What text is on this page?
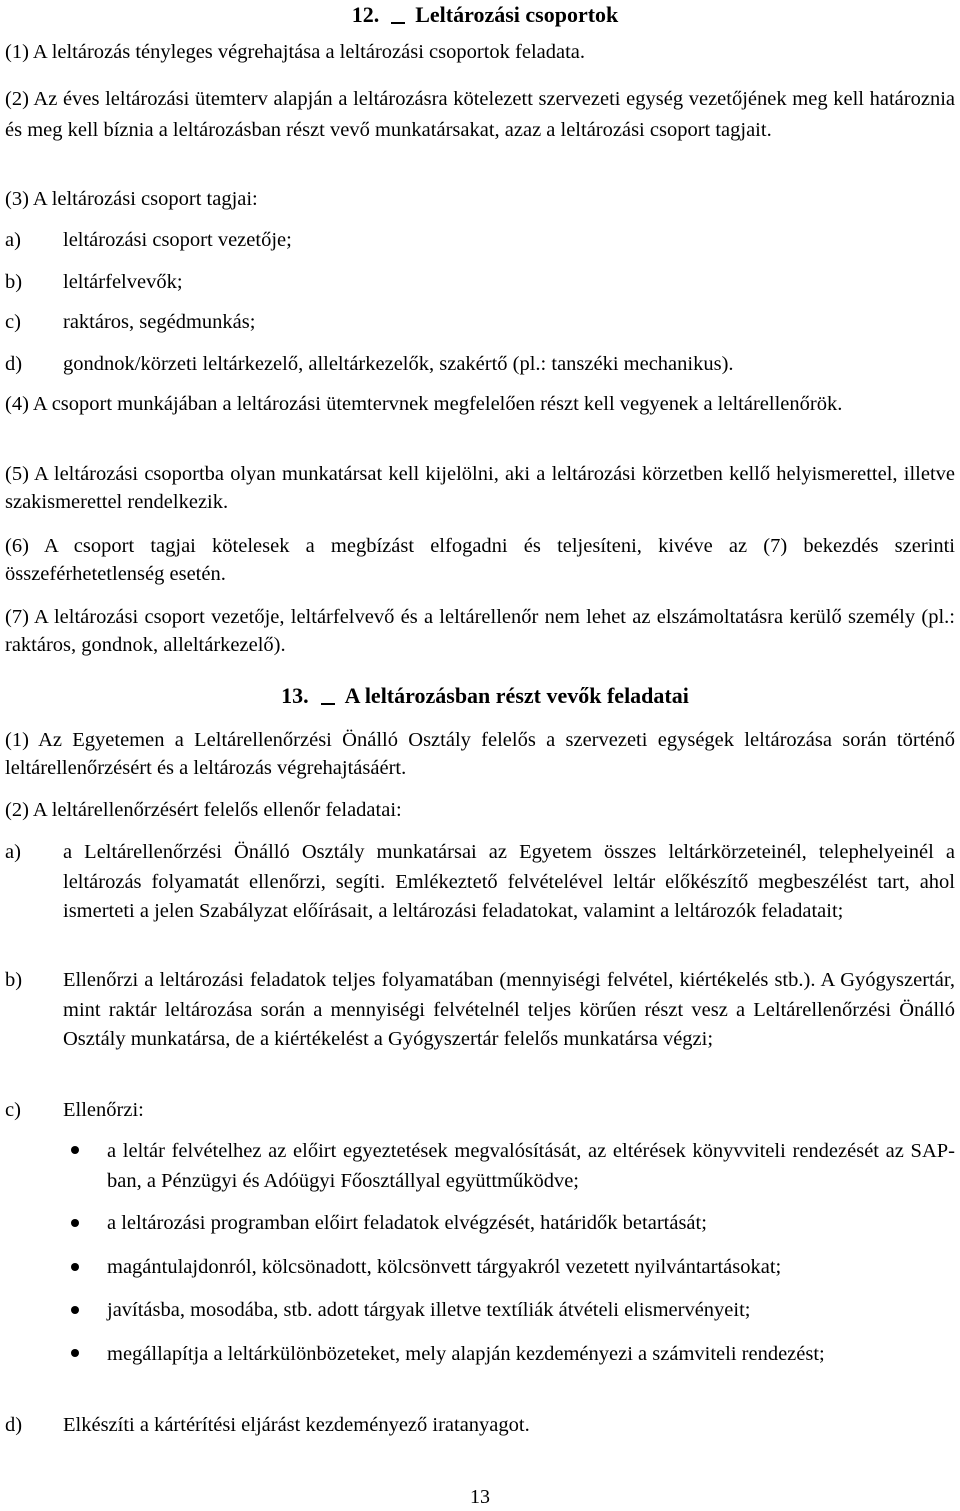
12. Leltározási csoportok
(1) A leltározás tényleges végrehajtása a leltározási csoportok feladata.
(2) Az éves leltározási ütemterv alapján a leltározásra kötelezett szervezeti egység vezetőjének meg kell határoznia és meg kell bíznia a leltározásban részt vevő munkatársakat, azaz a leltározási csoport tagjait.
(3) A leltározási csoport tagjai:
a)	leltározási csoport vezetője;
b)	leltárfelvevők;
c)	raktáros, segédmunkás;
d)	gondnok/körzeti leltárkezelő, alleltárkezelők, szakértő (pl.: tanszéki mechanikus).
(4) A csoport munkájában a leltározási ütemtervnek megfelelően részt kell vegyenek a leltárellenőrök.
(5) A leltározási csoportba olyan munkatársat kell kijelölni, aki a leltározási körzetben kellő helyismerettel, illetve szakismerettel rendelkezik.
(6) A csoport tagjai kötelesek a megbízást elfogadni és teljesíteni, kivéve az (7) bekezdés szerinti összeférhetetlenség esetén.
(7) A leltározási csoport vezetője, leltárfelvevő és a leltárellenőr nem lehet az elszámoltatásra kerülő személy (pl.: raktáros, gondnok, alleltárkezelő).
13. A leltározásban részt vevők feladatai
(1) Az Egyetemen a Leltárellenőrzési Önálló Osztály felelős a szervezeti egységek leltározása során történő leltárellenőrzésért és a leltározás végrehajtásáért.
(2) A leltárellenőrzésért felelős ellenőr feladatai:
a)	a Leltárellenőrzési Önálló Osztály munkatársai az Egyetem összes leltárkörzeteinél, telephelyeinél a leltározás folyamatát ellenőrzi, segíti. Emlékeztető felvételével leltár előkészítő megbeszélést tart, ahol ismerteti a jelen Szabályzat előírásait, a leltározási feladatokat, valamint a leltározók feladatait;
b)	Ellenőrzi a leltározási feladatok teljes folyamatában (mennyiségi felvétel, kiértékelés stb.). A Gyógyszertár, mint raktár leltározása során a mennyiségi felvételnél teljes körűen részt vesz a Leltárellenőrzési Önálló Osztály munkatársa, de a kiértékelést a Gyógyszertár felelős munkatársa végzi;
c)	Ellenőrzi:
a leltár felvételhez az előirt egyeztetések megvalósítását, az eltérések könyvviteli rendezését az SAP-ban, a Pénzügyi és Adóügyi Főosztállyal együttműködve;
a leltározási programban előirt feladatok elvégzését, határidők betartását;
magántulajdonról, kölcsönadott, kölcsönvett tárgyakról vezetett nyilvántartásokat;
javításba, mosodába, stb. adott tárgyak illetve textíliák átvételi elismervényeit;
megállapítja a leltárkülönbözeteket, mely alapján kezdeményezi a számviteli rendezést;
d)	Elkészíti a kártérítési eljárást kezdeményező iratanyagot.
13
